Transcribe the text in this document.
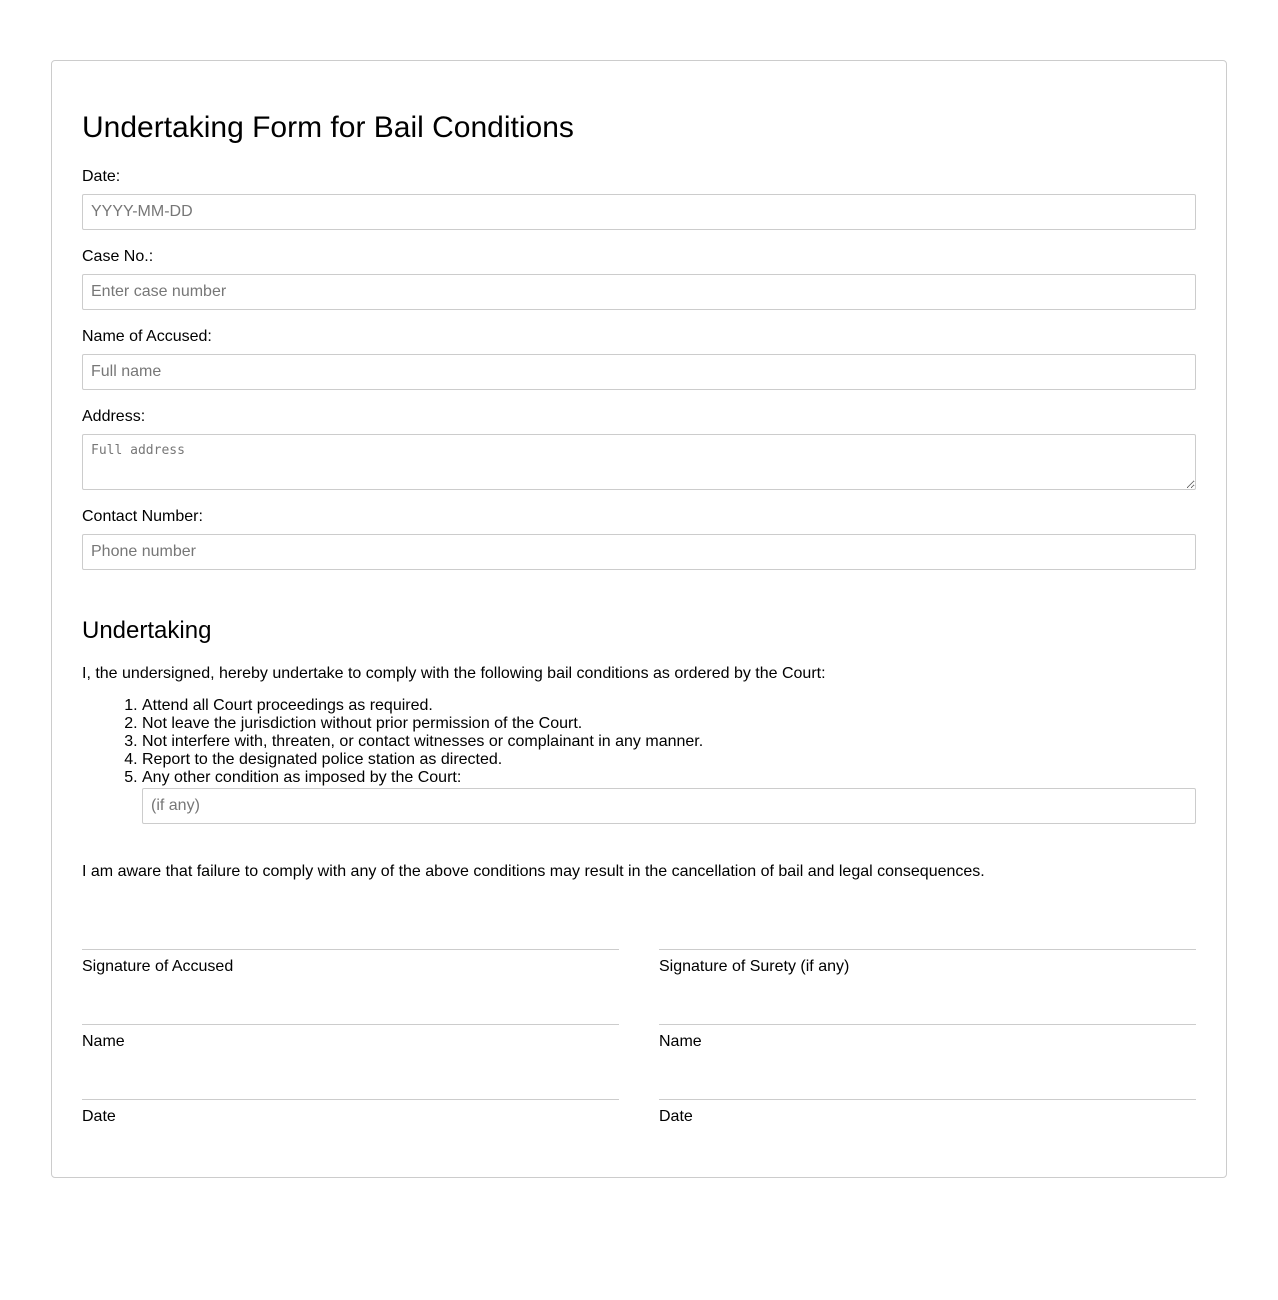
Undertaking Form for Bail Conditions
Date:
YYYY-MM-DD
Case No.:
Enter case number
Name of Accused:
Full name
Address:
Full address
Contact Number:
Phone number
Undertaking

I, the undersigned, hereby undertake to comply with the following bail conditions as ordered by the Court:

1. Attend all Court proceedings as required.
2. Not leave the jurisdiction without prior permission of the Court.
3. Not interfere with, threaten, or contact witnesses or complainant in any manner.
4. Report to the designated police station as directed.
5. Any other condition as imposed by the Court:
(if any)

I am aware that failure to comply with any of the above conditions may result in the cancellation of bail and legal consequences.

Signature of Accused
Name
Date
Signature of Surety (if any)
Name
Date
